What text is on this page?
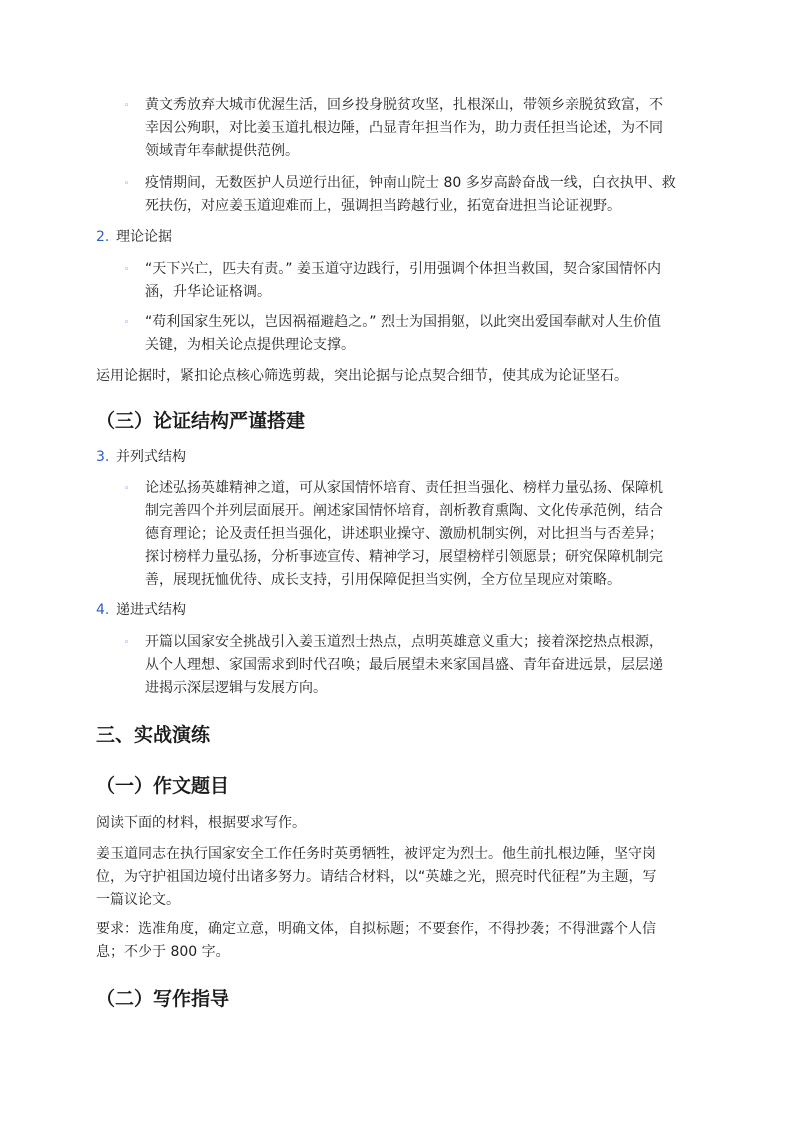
◦ 黄文秀放弃大城市优渥生活，回乡投身脱贫攻坚，扎根深山，带领乡亲脱贫致富，不
幸因公殉职，对比姜玉道扎根边陲，凸显青年担当作为，助力责任担当论述，为不同
领域青年奉献提供范例。
◦ 疫情期间，无数医护人员逆行出征，钟南山院士 80 多岁高龄奋战一线，白衣执甲、救
死扶伤，对应姜玉道迎难而上，强调担当跨越行业，拓宽奋进担当论证视野。
2. 理论论据
◦ “天下兴亡，匹夫有责。” 姜玉道守边践行，引用强调个体担当救国，契合家国情怀内
涵，升华论证格调。
◦ “苟利国家生死以，岂因祸福避趋之。” 烈士为国捐躯，以此突出爱国奉献对人生价值
关键，为相关论点提供理论支撑。
运用论据时，紧扣论点核心筛选剪裁，突出论据与论点契合细节，使其成为论证坚石。
（三）论证结构严谨搭建
3. 并列式结构
◦ 论述弘扬英雄精神之道，可从家国情怀培育、责任担当强化、榜样力量弘扬、保障机
制完善四个并列层面展开。阐述家国情怀培育，剖析教育熏陶、文化传承范例，结合
德育理论；论及责任担当强化，讲述职业操守、激励机制实例，对比担当与否差异；
探讨榜样力量弘扬，分析事迹宣传、精神学习，展望榜样引领愿景；研究保障机制完
善，展现抚恤优待、成长支持，引用保障促担当实例，全方位呈现应对策略。
4. 递进式结构
◦ 开篇以国家安全挑战引入姜玉道烈士热点，点明英雄意义重大；接着深挖热点根源，
从个人理想、家国需求到时代召唤；最后展望未来家国昌盛、青年奋进远景，层层递
进揭示深层逻辑与发展方向。
三、实战演练
（一）作文题目
阅读下面的材料，根据要求写作。
姜玉道同志在执行国家安全工作任务时英勇牺牲，被评定为烈士。他生前扎根边陲，坚守岗
位，为守护祖国边境付出诸多努力。请结合材料，以“英雄之光，照亮时代征程”为主题，写
一篇议论文。
要求：选准角度，确定立意，明确文体，自拟标题；不要套作，不得抄袭；不得泄露个人信
息；不少于 800 字。
（二）写作指导
